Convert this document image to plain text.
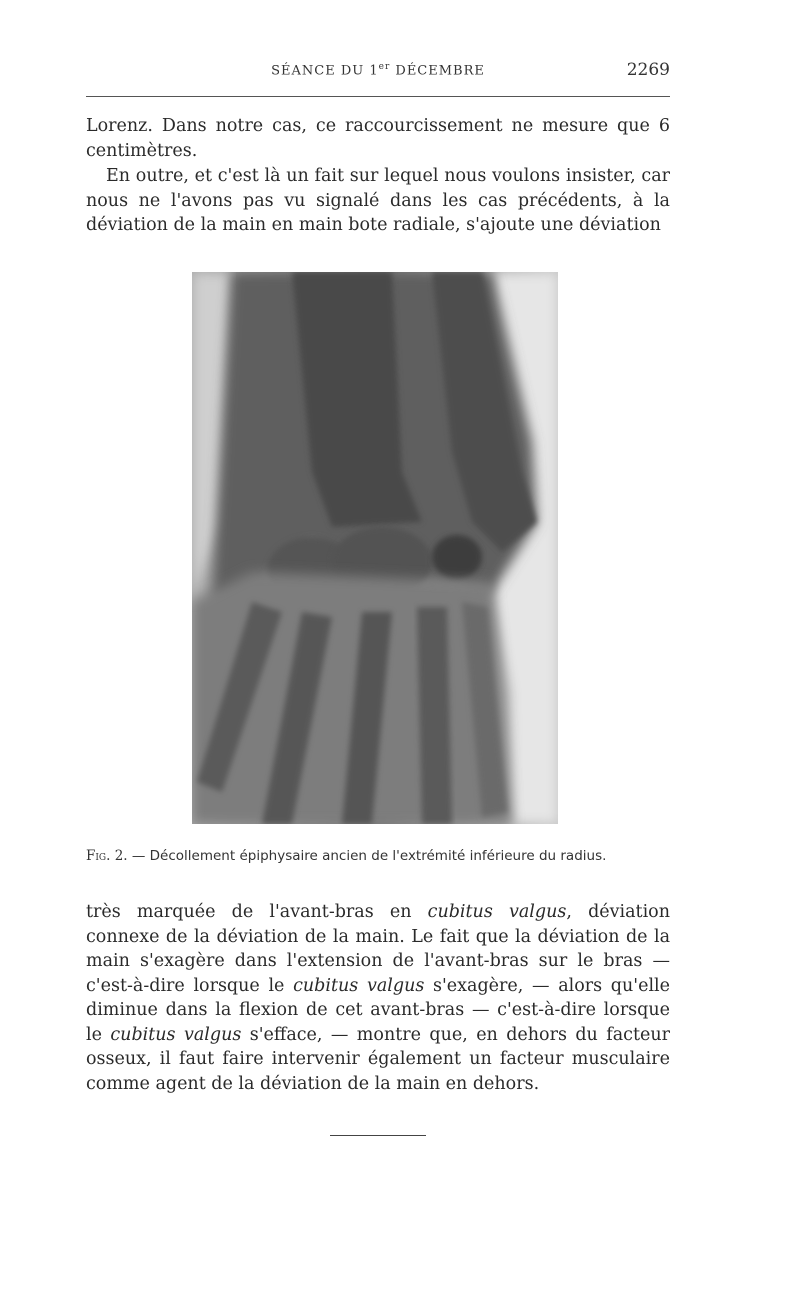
SÉANCE DU 1er DÉCEMBRE	2269

Lorenz. Dans notre cas, ce raccourcissement ne mesure que 6 centimètres.

En outre, et c'est là un fait sur lequel nous voulons insister, car nous ne l'avons pas vu signalé dans les cas précédents, à la déviation de la main en main bote radiale, s'ajoute une déviation

Fig. 2. — Décollement épiphysaire ancien de l'extrémité inférieure du radius.

très marquée de l'avant-bras en cubitus valgus, déviation connexe de la déviation de la main. Le fait que la déviation de la main s'exagère dans l'extension de l'avant-bras sur le bras — c'est-à-dire lorsque le cubitus valgus s'exagère, — alors qu'elle diminue dans la flexion de cet avant-bras — c'est-à-dire lorsque le cubitus valgus s'efface, — montre que, en dehors du facteur osseux, il faut faire intervenir également un facteur musculaire comme agent de la déviation de la main en dehors.
